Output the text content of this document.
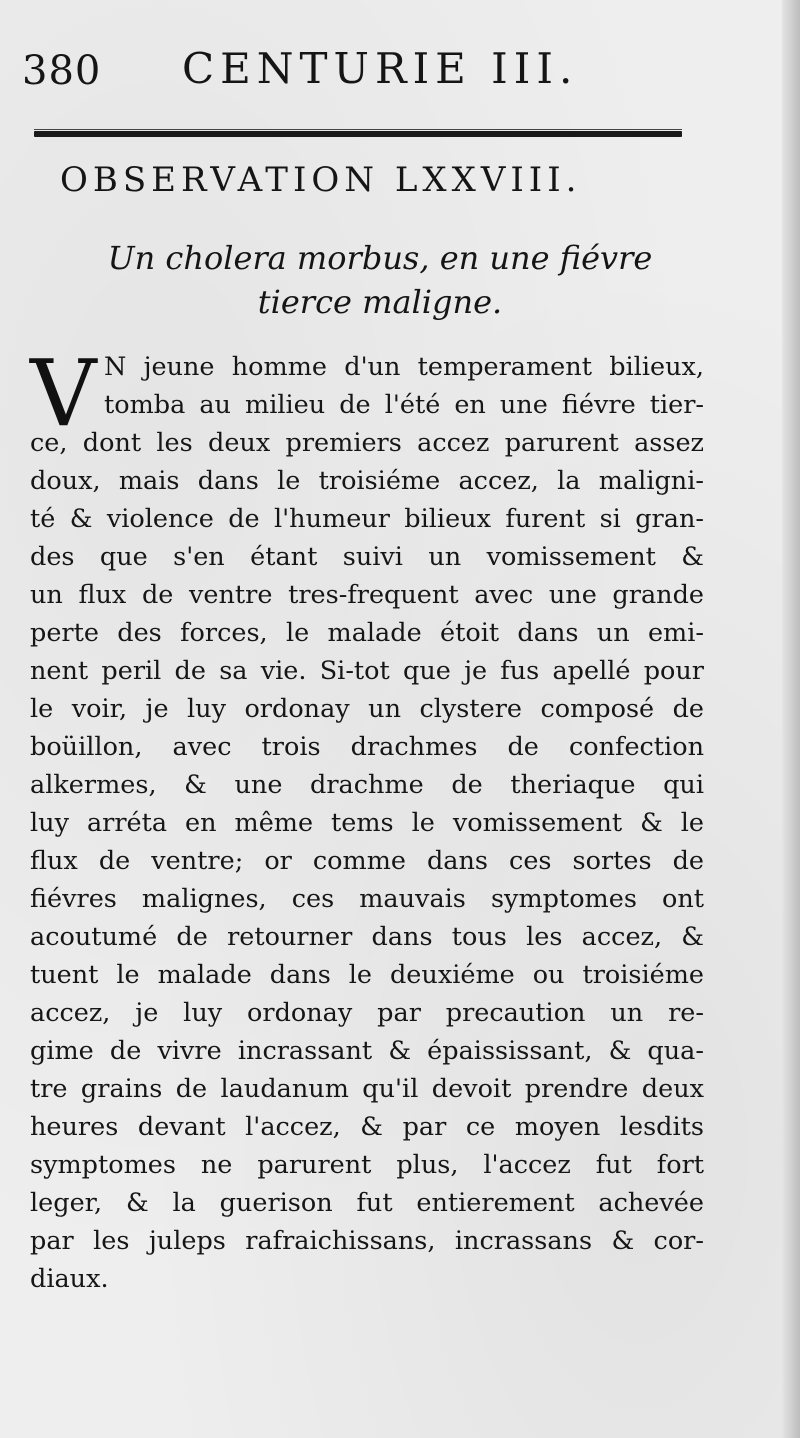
380 CENTURIE III.
OBSERVATION LXXVIII.
Un cholera morbus, en une fiévre
tierce maligne.
V N jeune homme d'un temperament bilieux,
tomba au milieu de l'été en une fiévre tier-
ce, dont les deux premiers accez parurent assez
doux, mais dans le troisiéme accez, la maligni-
té & violence de l'humeur bilieux furent si gran-
des que s'en étant suivi un vomissement &
un flux de ventre tres-frequent avec une grande
perte des forces, le malade étoit dans un emi-
nent peril de sa vie. Si-tot que je fus apellé pour
le voir, je luy ordonay un clystere composé de
boüillon, avec trois drachmes de confection
alkermes, & une drachme de theriaque qui
luy arréta en même tems le vomissement & le
flux de ventre; or comme dans ces sortes de
fiévres malignes, ces mauvais symptomes ont
acoutumé de retourner dans tous les accez, &
tuent le malade dans le deuxiéme ou troisiéme
accez, je luy ordonay par precaution un re-
gime de vivre incrassant & épaississant, & qua-
tre grains de laudanum qu'il devoit prendre deux
heures devant l'accez, & par ce moyen lesdits
symptomes ne parurent plus, l'accez fut fort
leger, & la guerison fut entierement achevée
par les juleps rafraichissans, incrassans & cor-
diaux.
